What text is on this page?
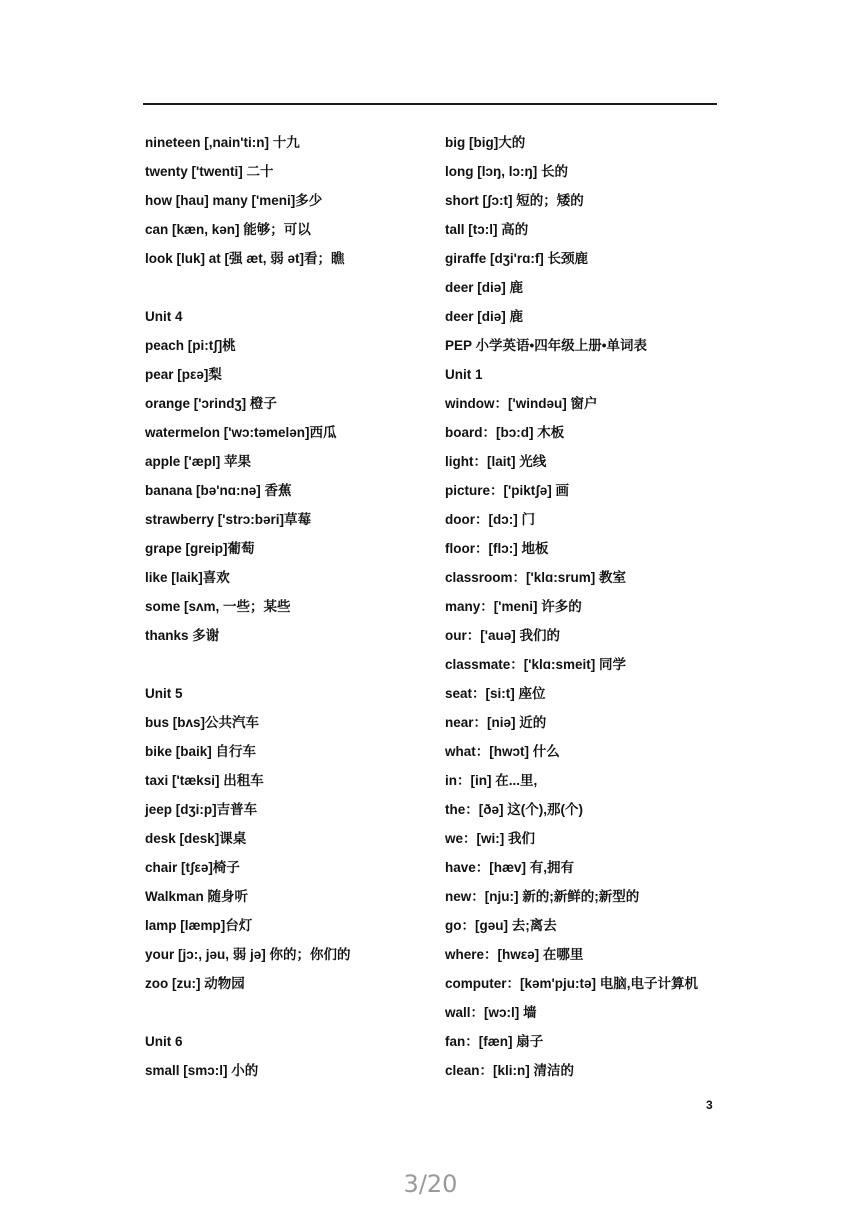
nineteen [,nain'ti:n] 十九
twenty ['twenti] 二十
how [hau] many ['meni]多少
can [kæn, kən] 能够；可以
look [luk] at [强 æt, 弱 ət]看；瞧
Unit 4
peach [pi:tʃ]桃
pear [pεə]梨
orange ['ɔrindʒ] 橙子
watermelon ['wɔ:təmelən]西瓜
apple ['æpl] 苹果
banana [bə'nɑ:nə] 香蕉
strawberry ['strɔ:bəri]草莓
grape [greip]葡萄
like [laik]喜欢
some [sʌm, 一些；某些
thanks 多谢
Unit 5
bus [bʌs]公共汽车
bike [baik] 自行车
taxi ['tæksi] 出租车
jeep [dʒi:p]吉普车
desk [desk]课桌
chair [tʃεə]椅子
Walkman 随身听
lamp [læmp]台灯
your [jɔ:, jəu, 弱 jə] 你的；你们的
zoo [zu:] 动物园
Unit 6
small [smɔ:l] 小的
big [big]大的
long [lɔŋ, lɔ:ŋ] 长的
short [ʃɔ:t] 短的；矮的
tall [tɔ:l] 高的
giraffe [dʒi'rɑ:f] 长颈鹿
deer [diə] 鹿
deer [diə] 鹿
PEP 小学英语•四年级上册•单词表
Unit 1
window：['windəu] 窗户
board：[bɔ:d] 木板
light：[lait] 光线
picture：['piktʃə] 画
door：[dɔ:] 门
floor：[flɔ:] 地板
classroom：['klɑ:srum] 教室
many：['meni] 许多的
our：['auə] 我们的
classmate：['klɑ:smeit] 同学
seat：[si:t] 座位
near：[niə] 近的
what：[hwɔt] 什么
in：[in] 在...里,
the：[ðə] 这(个),那(个)
we：[wi:] 我们
have：[hæv] 有,拥有
new：[nju:] 新的;新鲜的;新型的
go：[gəu] 去;离去
where：[hwεə] 在哪里
computer：[kəm'pju:tə] 电脑,电子计算机
wall：[wɔ:l] 墙
fan：[fæn] 扇子
clean：[kli:n] 清洁的
3
3/20
